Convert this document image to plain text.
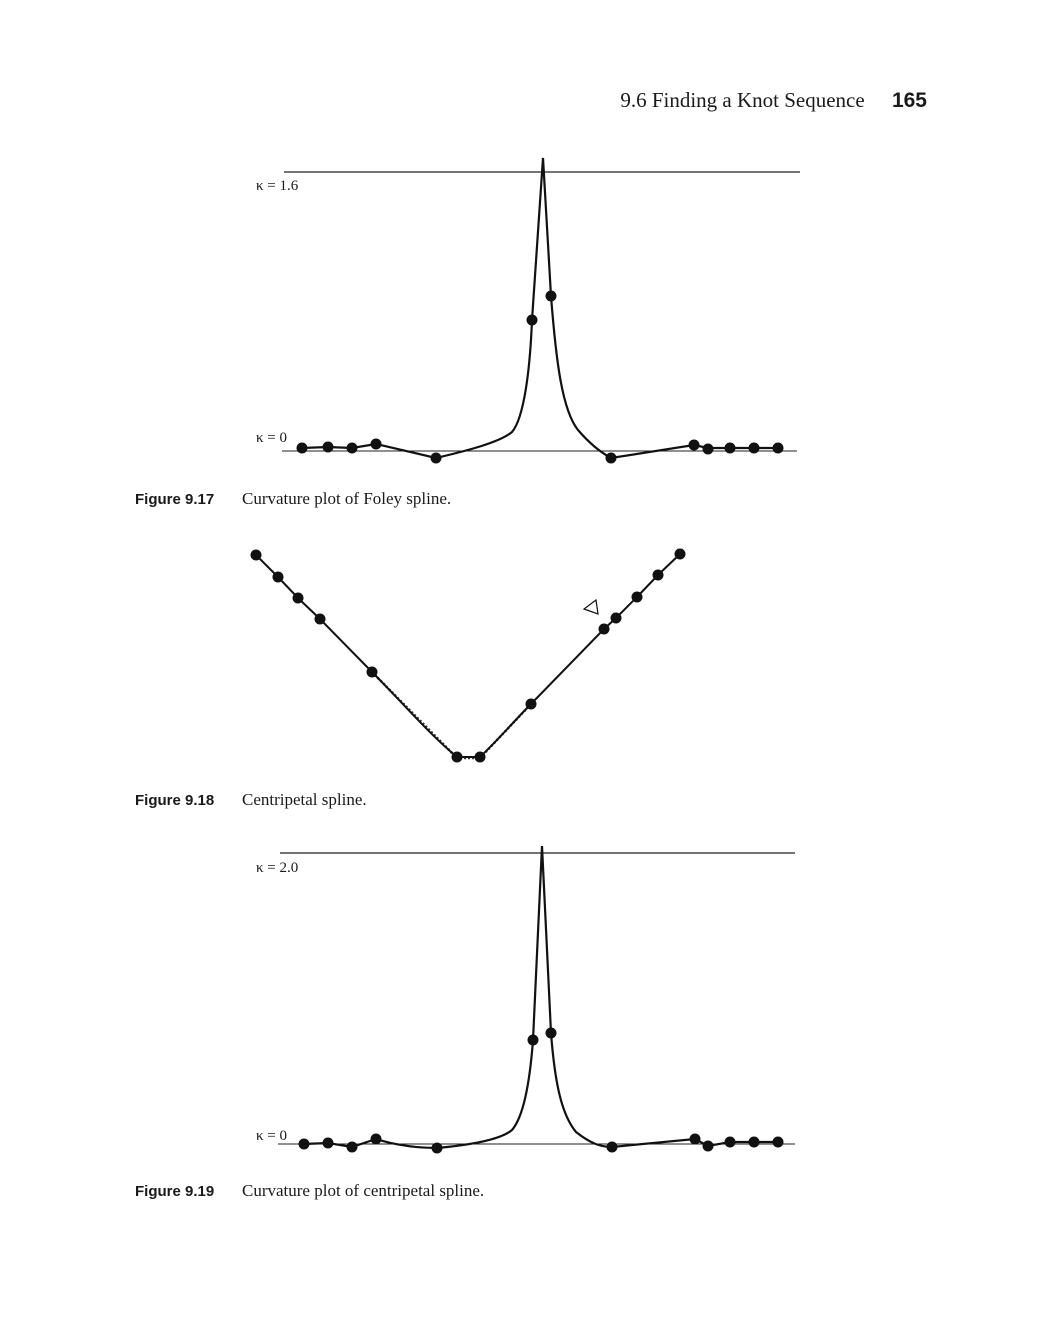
9.6 Finding a Knot Sequence 165
κ = 1.6
κ = 0
Figure 9.17 Curvature plot of Foley spline.
Figure 9.18 Centripetal spline.
κ = 2.0
κ = 0
Figure 9.19 Curvature plot of centripetal spline.
